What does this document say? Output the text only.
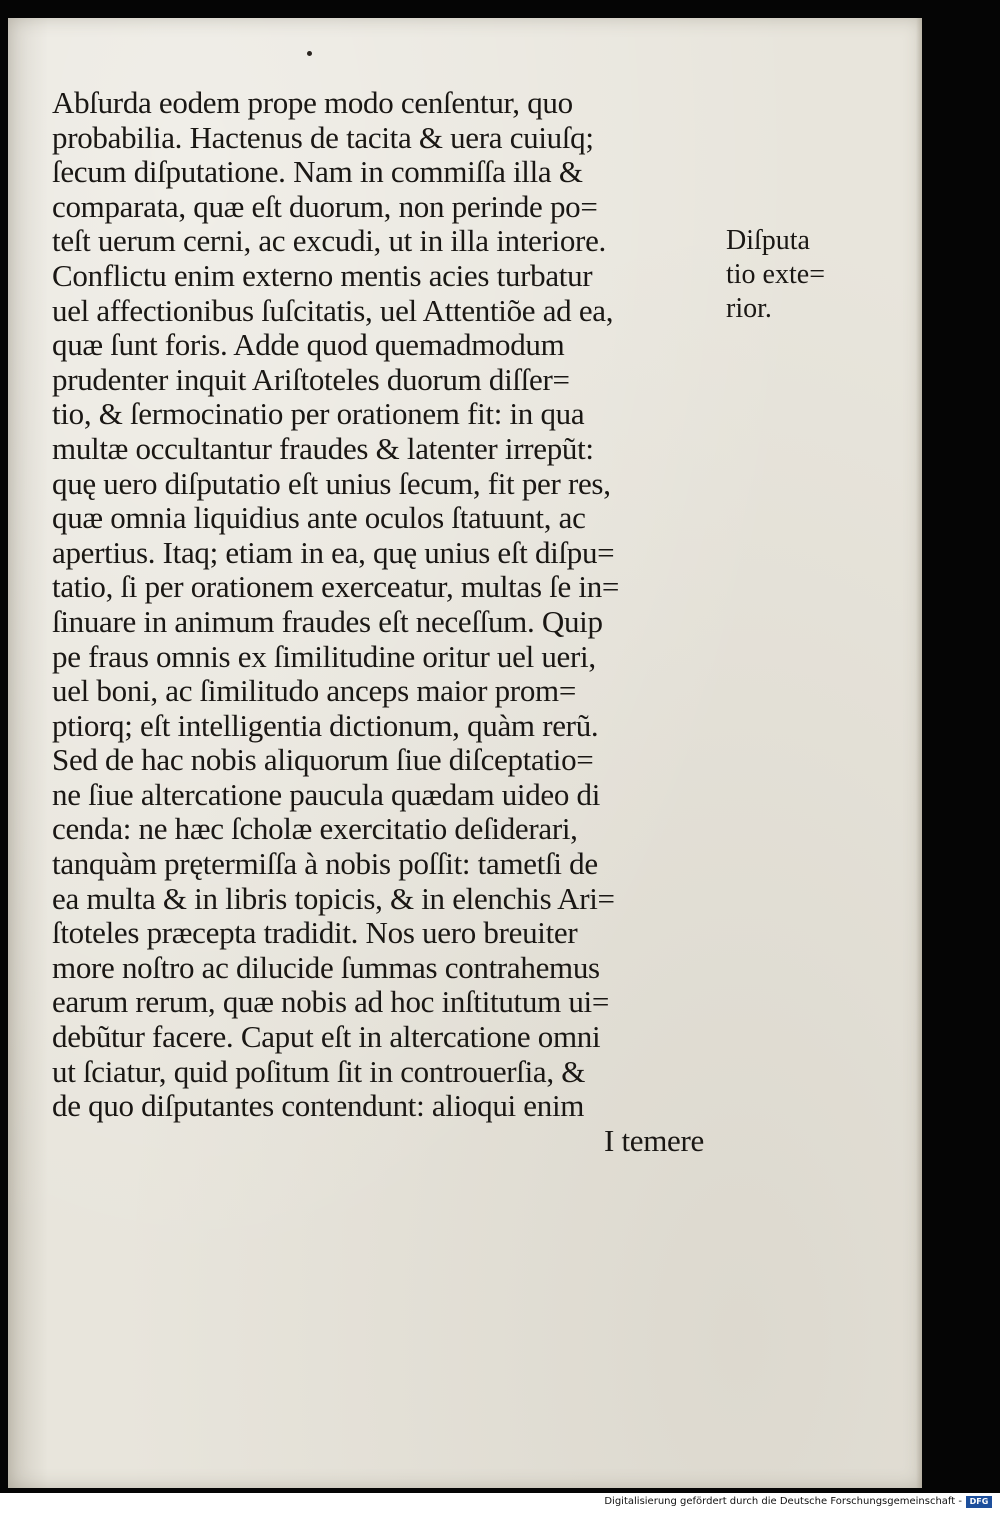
Abſurda eodem prope modo cenſentur, quo
probabilia. Hactenus de tacita & uera cuiuſq;
ſecum diſputatione. Nam in commiſſa illa &
comparata, quæ eſt duorum, non perinde po=
teſt uerum cerni, ac excudi, ut in illa interiore.
Conflictu enim externo mentis acies turbatur
uel affectionibus ſuſcitatis, uel Attentiõe ad ea,
quæ ſunt foris. Adde quod quemadmodum
prudenter inquit Ariſtoteles duorum diſſer=
tio, & ſermocinatio per orationem fit: in qua
multæ occultantur fraudes & latenter irrepũt:
quę uero diſputatio eſt unius ſecum, fit per res,
quæ omnia liquidius ante oculos ſtatuunt, ac
apertius. Itaq; etiam in ea, quę unius eſt diſpu=
tatio, ſi per orationem exerceatur, multas ſe in=
ſinuare in animum fraudes eſt neceſſum. Quip
pe fraus omnis ex ſimilitudine oritur uel ueri,
uel boni, ac ſimilitudo anceps maior prom=
ptiorq; eſt intelligentia dictionum, quàm rerũ.
Sed de hac nobis aliquorum ſiue diſceptatio=
ne ſiue altercatione paucula quædam uideo di
cenda: ne hæc ſcholæ exercitatio deſiderari,
tanquàm prętermiſſa à nobis poſſit: tametſi de
ea multa & in libris topicis, & in elenchis Ari=
ſtoteles præcepta tradidit. Nos uero breuiter
more noſtro ac dilucide ſummas contrahemus
earum rerum, quæ nobis ad hoc inſtitutum ui=
debũtur facere. Caput eſt in altercatione omni
ut ſciatur, quid poſitum ſit in controuerſia, &
de quo diſputantes contendunt: alioqui enim
I temere
Diſputa
tio exte=
rior.
Digitalisierung gefördert durch die Deutsche Forschungsgemeinschaft - DFG
